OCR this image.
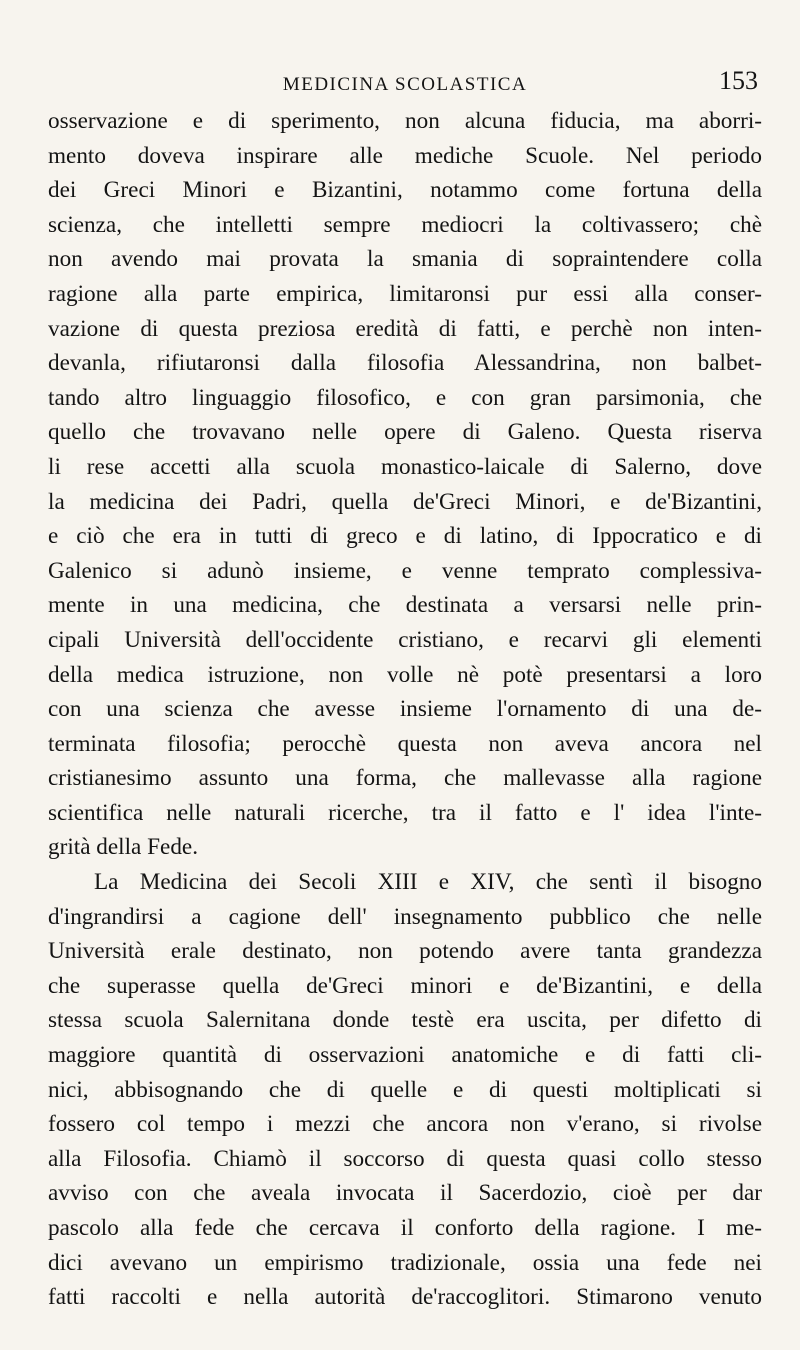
MEDICINA SCOLASTICA	153
osservazione e di sperimento, non alcuna fiducia, ma aborri-
mento doveva inspirare alle mediche Scuole. Nel periodo
dei Greci Minori e Bizantini, notammo come fortuna della
scienza, che intelletti sempre mediocri la coltivassero; chè
non avendo mai provata la smania di sopraintendere colla
ragione alla parte empirica, limitaronsi pur essi alla conser-
vazione di questa preziosa eredità di fatti, e perchè non inten-
devanla, rifiutaronsi dalla filosofia Alessandrina, non balbet-
tando altro linguaggio filosofico, e con gran parsimonia, che
quello che trovavano nelle opere di Galeno. Questa riserva
li rese accetti alla scuola monastico-laicale di Salerno, dove
la medicina dei Padri, quella de'Greci Minori, e de'Bizantini,
e ciò che era in tutti di greco e di latino, di Ippocratico e di
Galenico si adunò insieme, e venne temprato complessiva-
mente in una medicina, che destinata a versarsi nelle prin-
cipali Università dell'occidente cristiano, e recarvi gli elementi
della medica istruzione, non volle nè potè presentarsi a loro
con una scienza che avesse insieme l'ornamento di una de-
terminata filosofia; perocchè questa non aveva ancora nel
cristianesimo assunto una forma, che mallevasse alla ragione
scientifica nelle naturali ricerche, tra il fatto e l' idea l'inte-
grità della Fede.
La Medicina dei Secoli XIII e XIV, che sentì il bisogno
d'ingrandirsi a cagione dell' insegnamento pubblico che nelle
Università erale destinato, non potendo avere tanta grandezza
che superasse quella de'Greci minori e de'Bizantini, e della
stessa scuola Salernitana donde testè era uscita, per difetto di
maggiore quantità di osservazioni anatomiche e di fatti cli-
nici, abbisognando che di quelle e di questi moltiplicati si
fossero col tempo i mezzi che ancora non v'erano, si rivolse
alla Filosofia. Chiamò il soccorso di questa quasi collo stesso
avviso con che aveala invocata il Sacerdozio, cioè per dar
pascolo alla fede che cercava il conforto della ragione. I me-
dici avevano un empirismo tradizionale, ossia una fede nei
fatti raccolti e nella autorità de'raccoglitori. Stimarono venuto
